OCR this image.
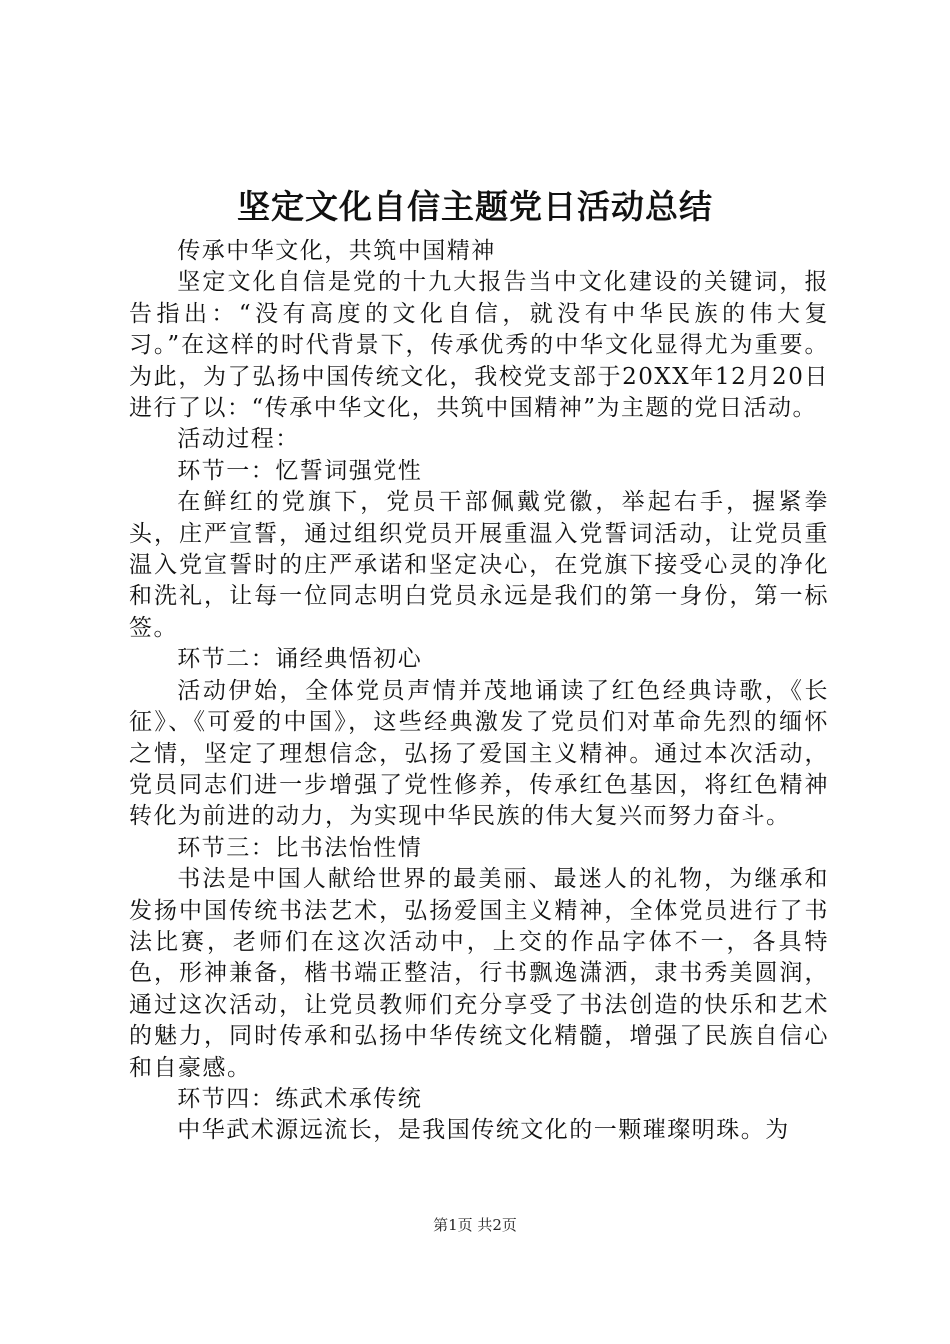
坚定文化自信主题党日活动总结

传承中华文化，共筑中国精神

坚定文化自信是党的十九大报告当中文化建设的关键词，报告指出：“没有高度的文化自信，就没有中华民族的伟大复习。”在这样的时代背景下，传承优秀的中华文化显得尤为重要。为此，为了弘扬中国传统文化，我校党支部于20XX年12月20日进行了以：“传承中华文化，共筑中国精神”为主题的党日活动。

活动过程：

环节一：忆誓词强党性

在鲜红的党旗下，党员干部佩戴党徽，举起右手，握紧拳头，庄严宣誓，通过组织党员开展重温入党誓词活动，让党员重温入党宣誓时的庄严承诺和坚定决心，在党旗下接受心灵的净化和洗礼，让每一位同志明白党员永远是我们的第一身份，第一标签。

环节二：诵经典悟初心

活动伊始，全体党员声情并茂地诵读了红色经典诗歌，《长征》、《可爱的中国》，这些经典激发了党员们对革命先烈的缅怀之情，坚定了理想信念，弘扬了爱国主义精神。通过本次活动，党员同志们进一步增强了党性修养，传承红色基因，将红色精神转化为前进的动力，为实现中华民族的伟大复兴而努力奋斗。

环节三：比书法怡性情

书法是中国人献给世界的最美丽、最迷人的礼物，为继承和发扬中国传统书法艺术，弘扬爱国主义精神，全体党员进行了书法比赛，老师们在这次活动中，上交的作品字体不一，各具特色，形神兼备，楷书端正整洁，行书飘逸潇洒，隶书秀美圆润，通过这次活动，让党员教师们充分享受了书法创造的快乐和艺术的魅力，同时传承和弘扬中华传统文化精髓，增强了民族自信心和自豪感。

环节四：练武术承传统

中华武术源远流长，是我国传统文化的一颗璀璨明珠。为

第1页 共2页
